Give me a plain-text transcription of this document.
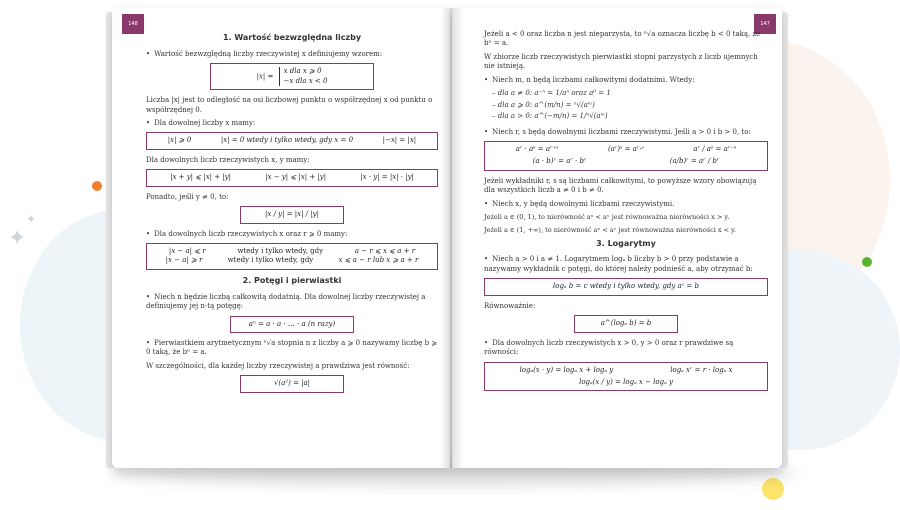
✦
✦
148	147
1. Wartość bezwzględna liczby
• Wartość bezwzględną liczby rzeczywistej x definiujemy wzorem:
|x| =
x dla x ⩾ 0
−x dla x < 0
Liczba |x| jest to odległość na osi liczbowej punktu o współrzędnej x od punktu o współrzędnej 0.
• Dla dowolnej liczby x mamy:
|x| ⩾ 0	|x| = 0 wtedy i tylko wtedy, gdy x = 0	|−x| = |x|
Dla dowolnych liczb rzeczywistych x, y mamy:
|x + y| ⩽ |x| + |y|	|x − y| ⩽ |x| + |y|	|x · y| = |x| · |y|
Ponadto, jeśli y ≠ 0, to:
|x / y| = |x| / |y|
• Dla dowolnych liczb rzeczywistych x oraz r ⩾ 0 mamy:
|x − a| ⩽ r	wtedy i tylko wtedy, gdy	a − r ⩽ x ⩽ a + r
|x − a| ⩾ r	wtedy i tylko wtedy, gdy	x ⩽ a − r lub x ⩾ a + r
2. Potęgi i pierwiastki
• Niech n będzie liczbą całkowitą dodatnią. Dla dowolnej liczby rzeczywistej a definiujemy jej n-tą potęgę:
aⁿ = a · a · … · a (n razy)
• Pierwiastkiem arytmetycznym ⁿ√a stopnia n z liczby a ⩾ 0 nazywamy liczbę b ⩾ 0 taką, że bⁿ = a.
W szczególności, dla każdej liczby rzeczywistej a prawdziwa jest równość:
√(a²) = |a|
Jeżeli a < 0 oraz liczba n jest nieparzysta, to ⁿ√a oznacza liczbę b < 0 taką, że bⁿ = a.
W zbiorze liczb rzeczywistych pierwiastki stopni parzystych z liczb ujemnych nie istnieją.
• Niech m, n będą liczbami całkowitymi dodatnimi. Wtedy:
– dla a ≠ 0: a⁻ⁿ = 1/aⁿ oraz a⁰ = 1
– dla a ⩾ 0: a^(m/n) = ⁿ√(aᵐ)
– dla a > 0: a^(−m/n) = 1/ⁿ√(aᵐ)
• Niech r, s będą dowolnymi liczbami rzeczywistymi. Jeśli a > 0 i b > 0, to:
aʳ · aˢ = aʳ⁺ˢ	(aʳ)ˢ = aʳ·ˢ	aʳ / aˢ = aʳ⁻ˢ
(a · b)ʳ = aʳ · bʳ	(a/b)ʳ = aʳ / bʳ
Jeżeli wykładniki r, s są liczbami całkowitymi, to powyższe wzory obowiązują dla wszystkich liczb a ≠ 0 i b ≠ 0.
• Niech x, y będą dowolnymi liczbami rzeczywistymi.
Jeżeli a ∈ (0, 1), to nierówność aˣ < aʸ jest równoważna nierówności x > y.
Jeżeli a ∈ (1, +∞), to nierówność aˣ < aʸ jest równoważna nierówności x < y.
3. Logarytmy
• Niech a > 0 i a ≠ 1. Logarytmem logₐ b liczby b > 0 przy podstawie a nazywamy wykładnik c potęgi, do której należy podnieść a, aby otrzymać b:
logₐ b = c wtedy i tylko wtedy, gdy aᶜ = b
Równoważnie:
a^(logₐ b) = b
• Dla dowolnych liczb rzeczywistych x > 0, y > 0 oraz r prawdziwe są równości:
logₐ(x · y) = logₐ x + logₐ y	logₐ xʳ = r · logₐ x
logₐ(x / y) = logₐ x − logₐ y
